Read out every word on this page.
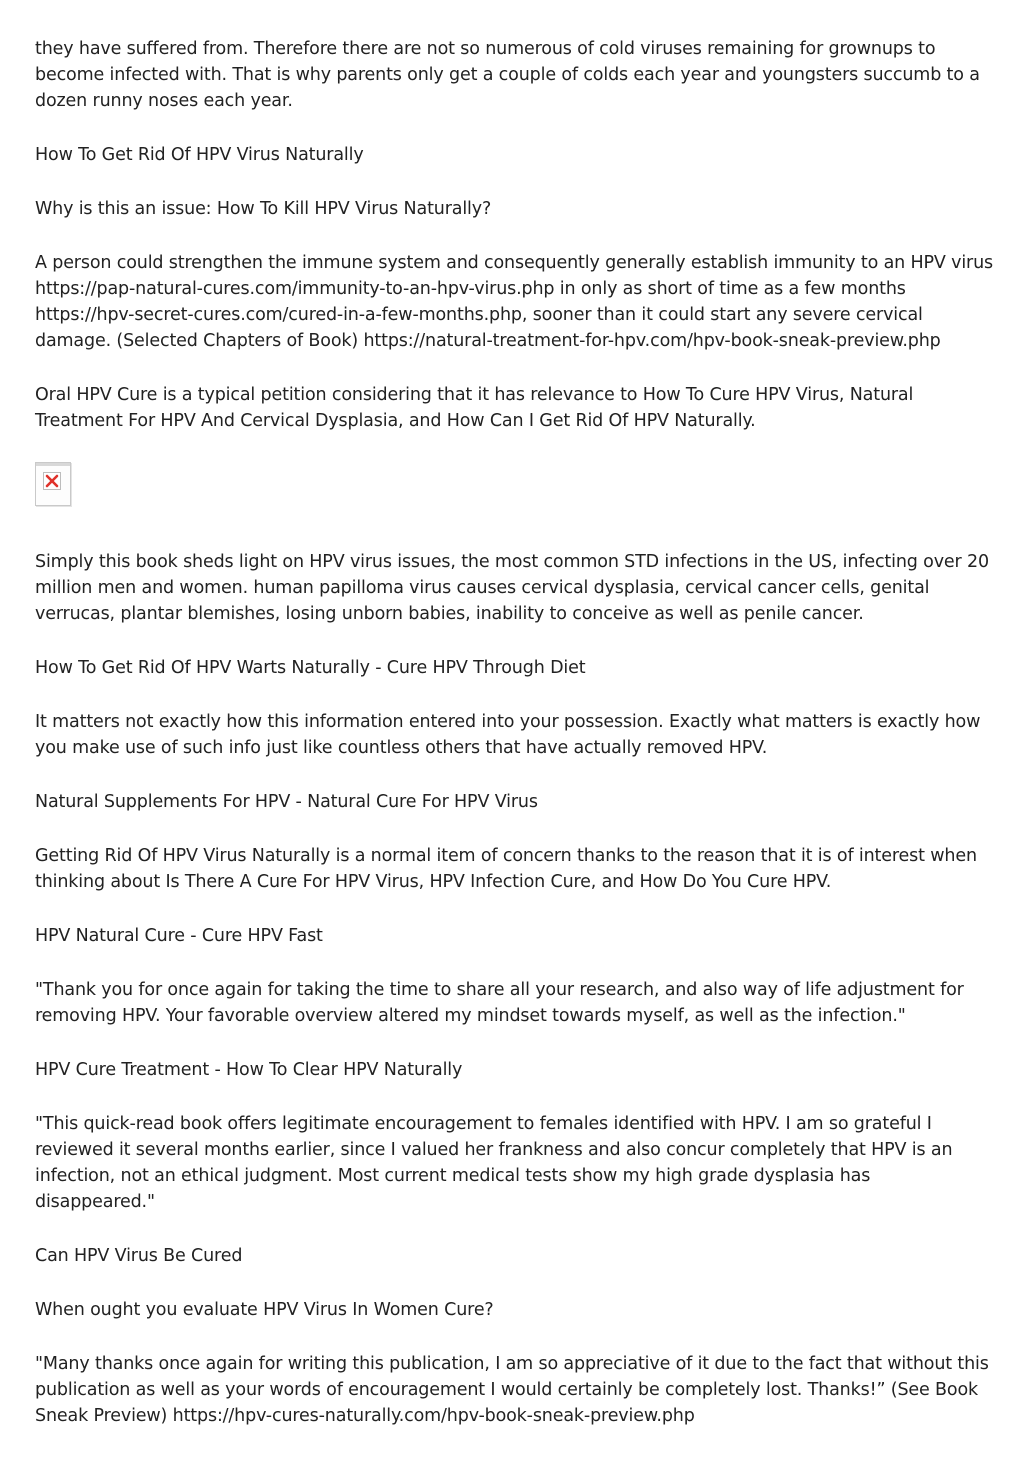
they have suffered from. Therefore there are not so numerous of cold viruses remaining for grownups to become infected with. That is why parents only get a couple of colds each year and youngsters succumb to a dozen runny noses each year.

How To Get Rid Of HPV Virus Naturally

Why is this an issue: How To Kill HPV Virus Naturally?

A person could strengthen the immune system and consequently generally establish immunity to an HPV virus https://pap-natural-cures.com/immunity-to-an-hpv-virus.php in only as short of time as a few months https://hpv-secret-cures.com/cured-in-a-few-months.php, sooner than it could start any severe cervical damage. (Selected Chapters of Book) https://natural-treatment-for-hpv.com/hpv-book-sneak-preview.php

Oral HPV Cure is a typical petition considering that it has relevance to How To Cure HPV Virus, Natural Treatment For HPV And Cervical Dysplasia, and How Can I Get Rid Of HPV Naturally.

Simply this book sheds light on HPV virus issues, the most common STD infections in the US, infecting over 20 million men and women. human papilloma virus causes cervical dysplasia, cervical cancer cells, genital verrucas, plantar blemishes, losing unborn babies, inability to conceive as well as penile cancer.

How To Get Rid Of HPV Warts Naturally - Cure HPV Through Diet

It matters not exactly how this information entered into your possession. Exactly what matters is exactly how you make use of such info just like countless others that have actually removed HPV.

Natural Supplements For HPV - Natural Cure For HPV Virus

Getting Rid Of HPV Virus Naturally is a normal item of concern thanks to the reason that it is of interest when thinking about Is There A Cure For HPV Virus, HPV Infection Cure, and How Do You Cure HPV.

HPV Natural Cure - Cure HPV Fast

"Thank you for once again for taking the time to share all your research, and also way of life adjustment for removing HPV. Your favorable overview altered my mindset towards myself, as well as the infection."

HPV Cure Treatment - How To Clear HPV Naturally

"This quick-read book offers legitimate encouragement to females identified with HPV. I am so grateful I reviewed it several months earlier, since I valued her frankness and also concur completely that HPV is an infection, not an ethical judgment. Most current medical tests show my high grade dysplasia has disappeared."

Can HPV Virus Be Cured

When ought you evaluate HPV Virus In Women Cure?

"Many thanks once again for writing this publication, I am so appreciative of it due to the fact that without this publication as well as your words of encouragement I would certainly be completely lost. Thanks!” (See Book Sneak Preview) https://hpv-cures-naturally.com/hpv-book-sneak-preview.php
